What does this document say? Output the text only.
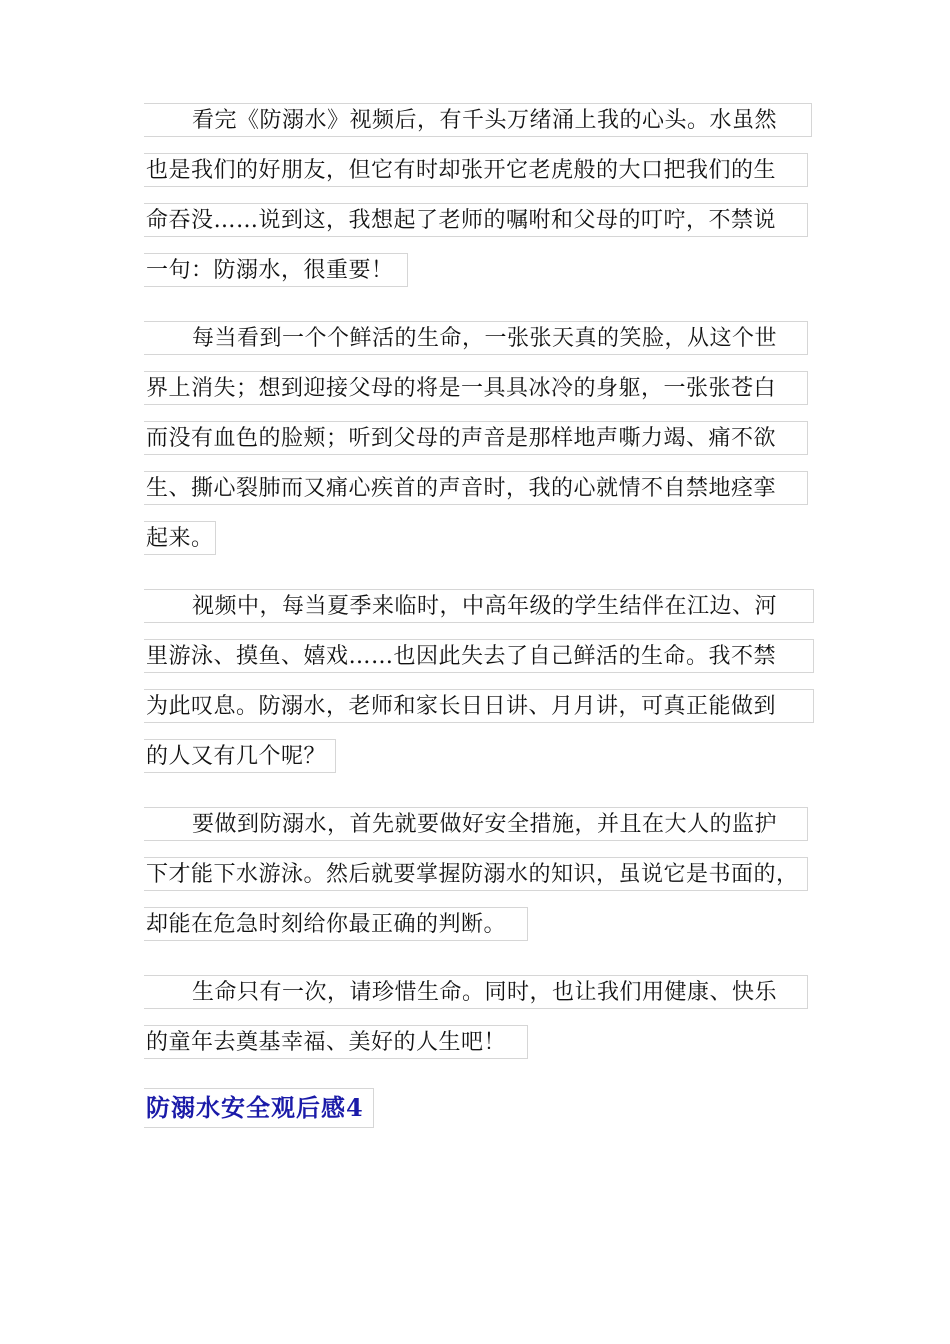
看完《防溺水》视频后，有千头万绪涌上我的心头。水虽然
也是我们的好朋友，但它有时却张开它老虎般的大口把我们的生
命吞没……说到这，我想起了老师的嘱咐和父母的叮咛，不禁说
一句：防溺水，很重要！
每当看到一个个鲜活的生命，一张张天真的笑脸，从这个世
界上消失；想到迎接父母的将是一具具冰冷的身躯，一张张苍白
而没有血色的脸颊；听到父母的声音是那样地声嘶力竭、痛不欲
生、撕心裂肺而又痛心疾首的声音时，我的心就情不自禁地痉挛
起来。
视频中，每当夏季来临时，中高年级的学生结伴在江边、河
里游泳、摸鱼、嬉戏……也因此失去了自己鲜活的生命。我不禁
为此叹息。防溺水，老师和家长日日讲、月月讲，可真正能做到
的人又有几个呢？
要做到防溺水，首先就要做好安全措施，并且在大人的监护
下才能下水游泳。然后就要掌握防溺水的知识，虽说它是书面的，
却能在危急时刻给你最正确的判断。
生命只有一次，请珍惜生命。同时，也让我们用健康、快乐
的童年去奠基幸福、美好的人生吧！
防溺水安全观后感4
